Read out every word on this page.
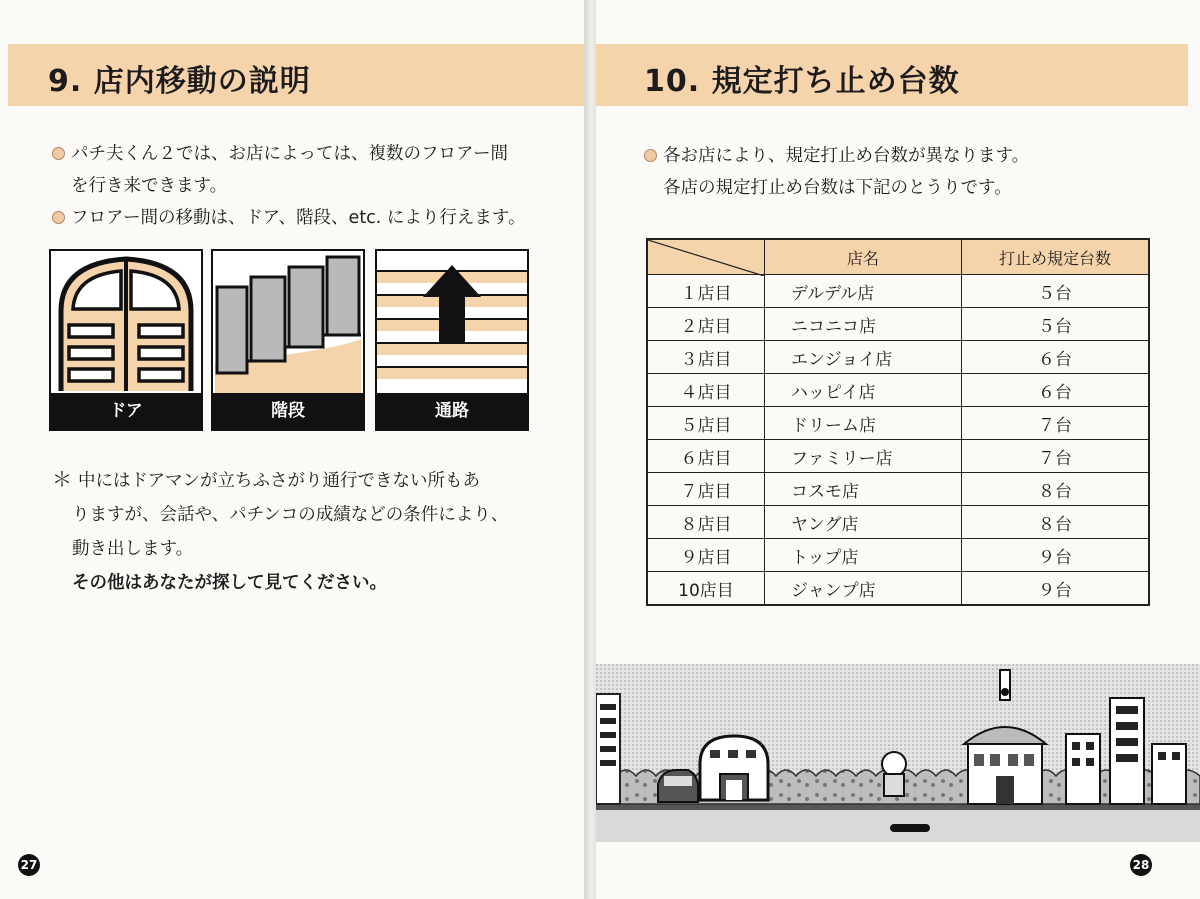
9. 店内移動の説明
パチ夫くん２では、お店によっては、複数のフロアー間
を行き来できます。
フロアー間の移動は、ドア、階段、etc. により行えます。
ドア	階段	通路
＊ 中にはドアマンが立ちふさがり通行できない所もあ
りますが、会話や、パチンコの成績などの条件により、
動き出します。
その他はあなたが探して見てください。
27
10. 規定打ち止め台数
各お店により、規定打止め台数が異なります。
各店の規定打止め台数は下記のとうりです。
	店名	打止め規定台数
１店目	デルデル店	５台
２店目	ニコニコ店	５台
３店目	エンジョイ店	６台
４店目	ハッピイ店	６台
５店目	ドリーム店	７台
６店目	ファミリー店	７台
７店目	コスモ店	８台
８店目	ヤング店	８台
９店目	トップ店	９台
10店目	ジャンプ店	９台
28
